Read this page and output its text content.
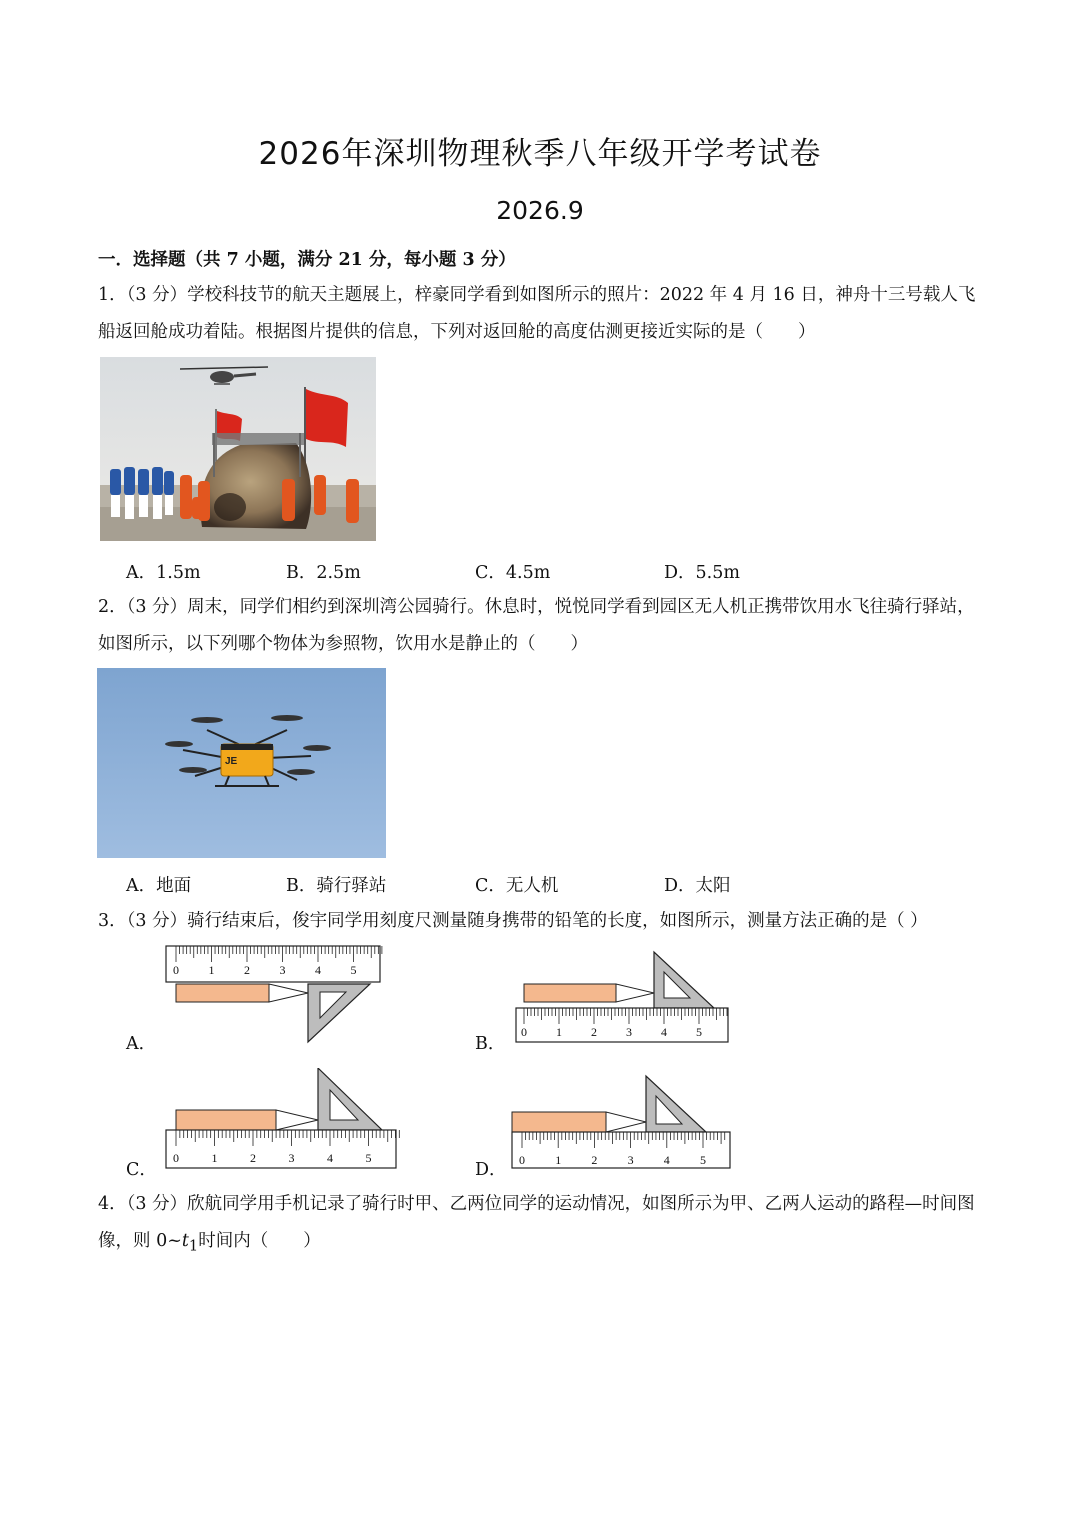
2026年深圳物理秋季八年级开学考试卷
2026.9
一．选择题（共 7 小题，满分 21 分，每小题 3 分）
1．（3 分）学校科技节的航天主题展上，梓豪同学看到如图所示的照片：2022 年 4 月 16 日，神舟十三号载人飞船返回舱成功着陆。根据图片提供的信息，下列对返回舱的高度估测更接近实际的是（　　）
A．1.5m	B．2.5m	C．4.5m	D．5.5m
2．（3 分）周末，同学们相约到深圳湾公园骑行。休息时，悦悦同学看到园区无人机正携带饮用水飞往骑行驿站，如图所示，以下列哪个物体为参照物，饮用水是静止的（　　）
JE
A．地面	B．骑行驿站	C．无人机	D．太阳
3．（3 分）骑行结束后，俊宇同学用刻度尺测量随身携带的铅笔的长度，如图所示，测量方法正确的是（ ）
0 1 2 3 4 5
A．
0 1 2 3 4 5
B．
0	1	2	3	4	5
C．	0	1	2	3	4	5
D．
4．（3 分）欣航同学用手机记录了骑行时甲、乙两位同学的运动情况，如图所示为甲、乙两人运动的路程—时间图像，则 $0\sim t_1$时间内（　　）
